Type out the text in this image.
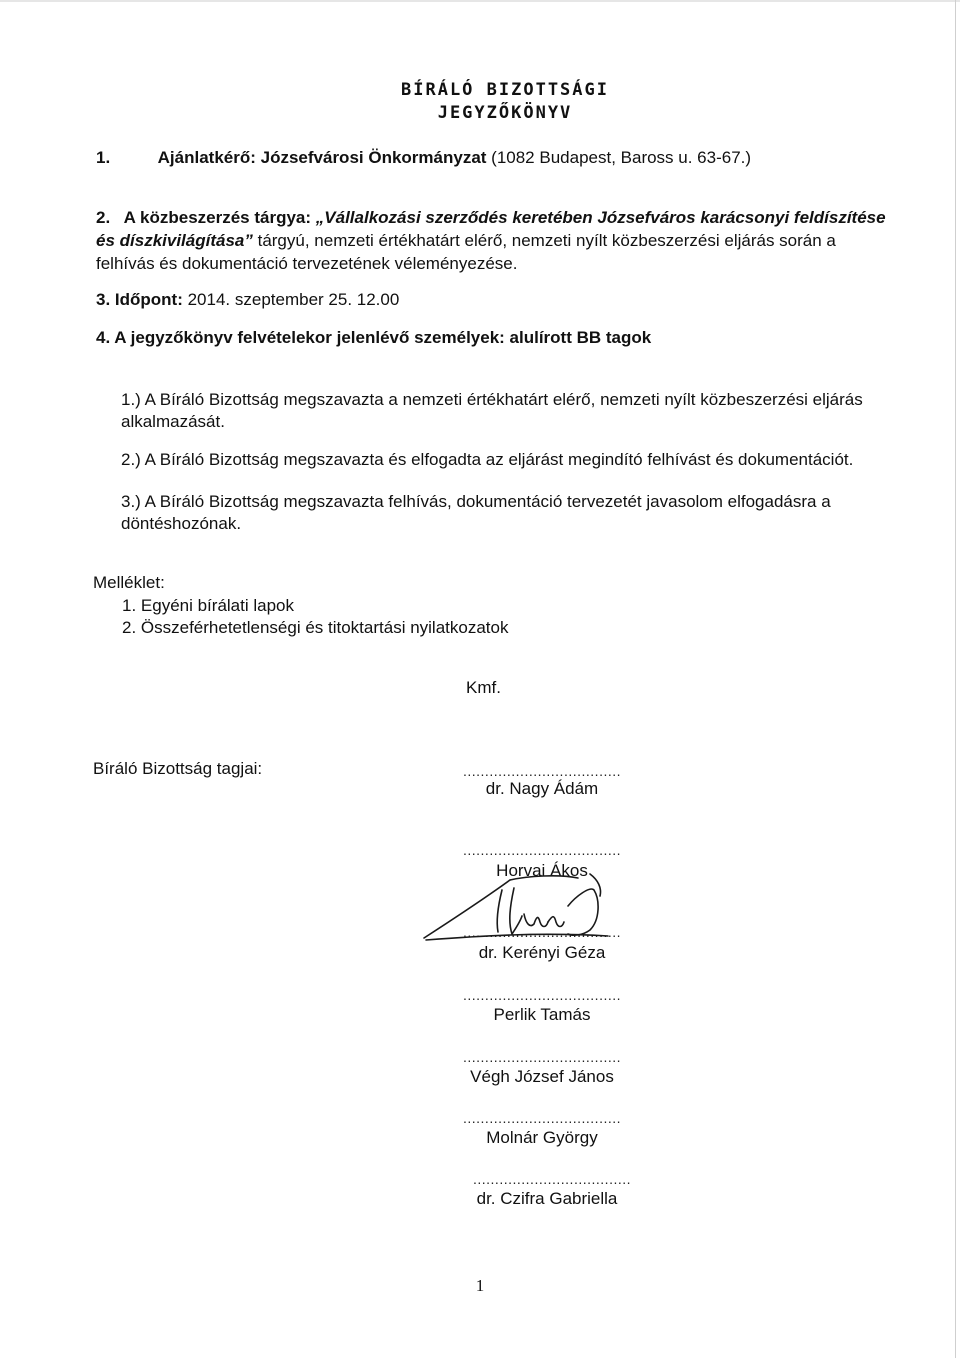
BÍRÁLÓ BIZOTTSÁGI
JEGYZŐKÖNYV
1.	Ajánlatkérő: Józsefvárosi Önkormányzat (1082 Budapest, Baross u. 63-67.)
2. A közbeszerzés tárgya: „Vállalkozási szerződés keretében Józsefváros karácsonyi feldíszítése és díszkivilágítása” tárgyú, nemzeti értékhatárt elérő, nemzeti nyílt közbeszerzési eljárás során a felhívás és dokumentáció tervezetének véleményezése.
3. Időpont: 2014. szeptember 25. 12.00
4. A jegyzőkönyv felvételekor jelenlévő személyek: alulírott BB tagok
1.) A Bíráló Bizottság megszavazta a nemzeti értékhatárt elérő, nemzeti nyílt közbeszerzési eljárás alkalmazását.
2.) A Bíráló Bizottság megszavazta és elfogadta az eljárást megindító felhívást és dokumentációt.
3.) A Bíráló Bizottság megszavazta felhívás, dokumentáció tervezetét javasolom elfogadásra a döntéshozónak.
Melléklet:
1. Egyéni bírálati lapok
2. Összeférhetetlenségi és titoktartási nyilatkozatok
Kmf.
Bíráló Bizottság tagjai:	....................................
dr. Nagy Ádám
....................................
Horvai Ákos
....................................
dr. Kerényi Géza
....................................
Perlik Tamás
....................................
Végh József János
....................................
Molnár György
....................................
dr. Czifra Gabriella
1
